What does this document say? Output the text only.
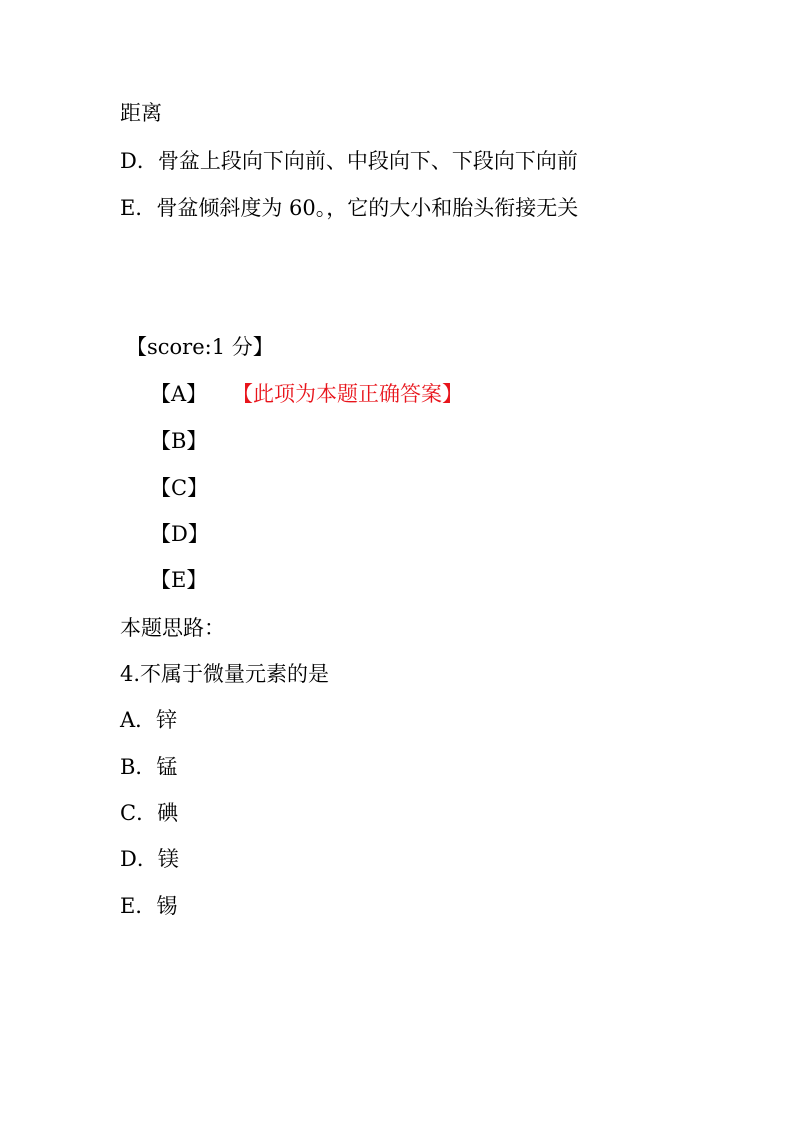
距离
D．骨盆上段向下向前、中段向下、下段向下向前
E．骨盆倾斜度为 60。，它的大小和胎头衔接无关
【score:1 分】
【A】 【此项为本题正确答案】
【B】
【C】
【D】
【E】
本题思路：
4.不属于微量元素的是
A．锌
B．锰
C．碘
D．镁
E．锡
